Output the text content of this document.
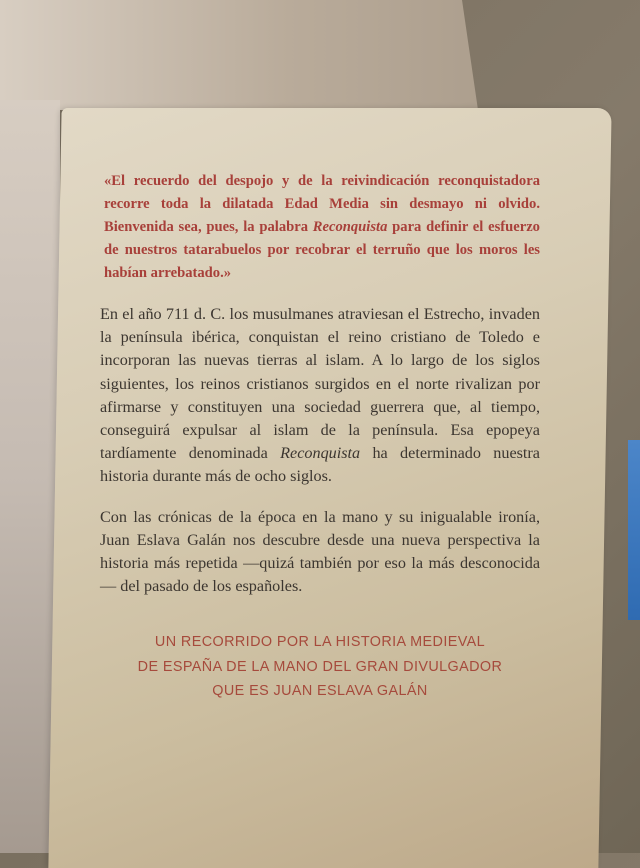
«El recuerdo del despojo y de la reivindicación reconquistadora recorre toda la dilatada Edad Media sin desmayo ni olvido. Bienvenida sea, pues, la palabra Reconquista para definir el esfuerzo de nuestros tatarabuelos por recobrar el terruño que los moros les habían arrebatado.»

En el año 711 d. C. los musulmanes atraviesan el Estrecho, invaden la península ibérica, conquistan el reino cristiano de Toledo e incorporan las nuevas tierras al islam. A lo largo de los siglos siguientes, los reinos cristianos surgidos en el norte rivalizan por afirmarse y constituyen una sociedad guerrera que, al tiempo, conseguirá expulsar al islam de la península. Esa epopeya tardíamente denominada Reconquista ha determinado nuestra historia durante más de ocho siglos.

Con las crónicas de la época en la mano y su inigualable ironía, Juan Eslava Galán nos descubre desde una nueva perspectiva la historia más repetida —quizá también por eso la más desconocida— del pasado de los españoles.

UN RECORRIDO POR LA HISTORIA MEDIEVAL
DE ESPAÑA DE LA MANO DEL GRAN DIVULGADOR
QUE ES JUAN ESLAVA GALÁN
